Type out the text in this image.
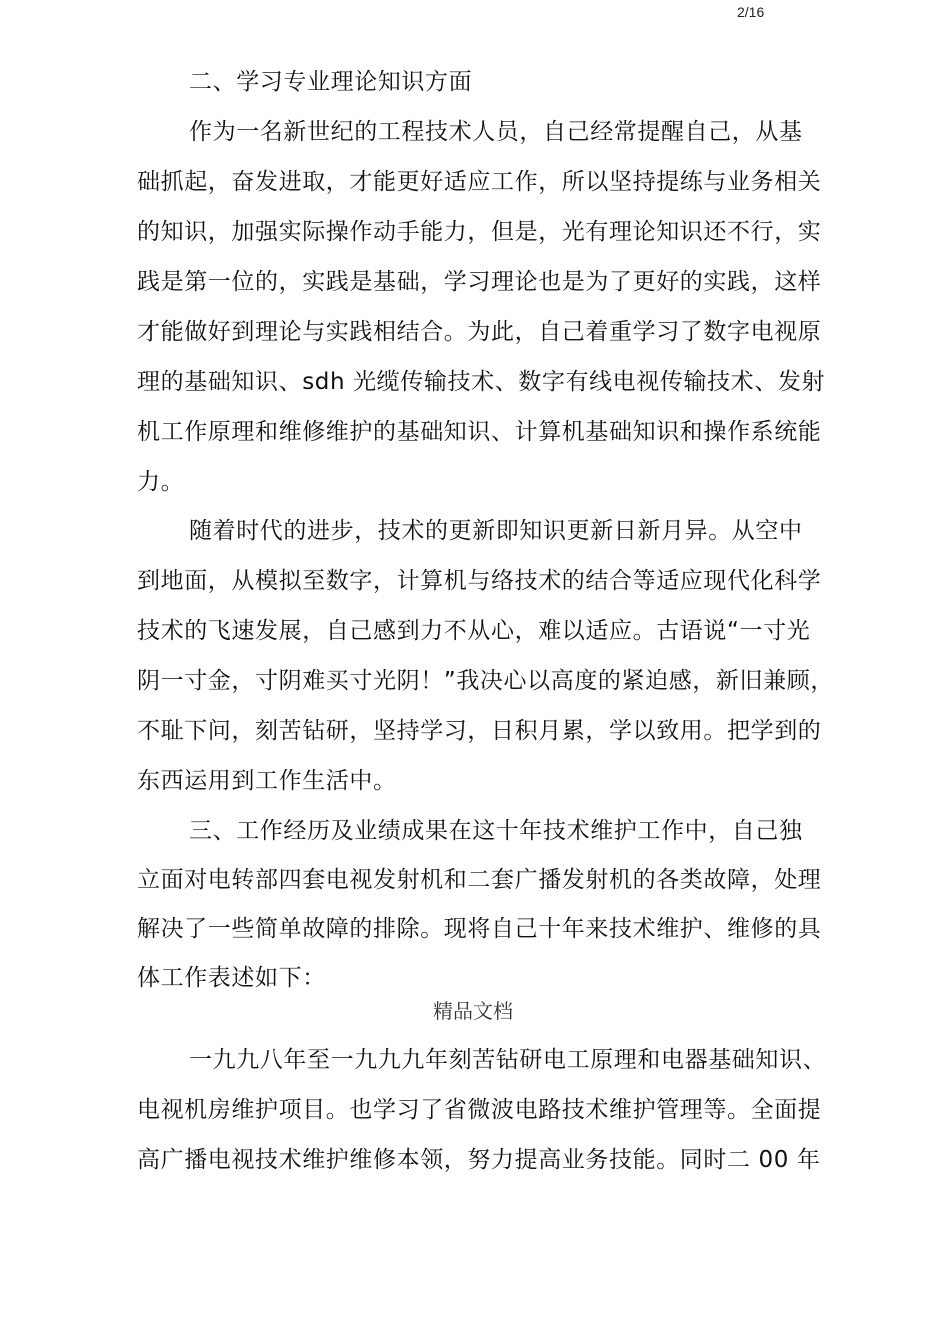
2/16
二、学习专业理论知识方面
作为一名新世纪的工程技术人员，自己经常提醒自己，从基
础抓起，奋发进取，才能更好适应工作，所以坚持提练与业务相关
的知识，加强实际操作动手能力，但是，光有理论知识还不行，实
践是第一位的，实践是基础，学习理论也是为了更好的实践，这样
才能做好到理论与实践相结合。为此，自己着重学习了数字电视原
理的基础知识、sdh 光缆传输技术、数字有线电视传输技术、发射
机工作原理和维修维护的基础知识、计算机基础知识和操作系统能
力。
随着时代的进步，技术的更新即知识更新日新月异。从空中
到地面，从模拟至数字，计算机与络技术的结合等适应现代化科学
技术的飞速发展，自己感到力不从心，难以适应。古语说“一寸光
阴一寸金，寸阴难买寸光阴！”我决心以高度的紧迫感，新旧兼顾，
不耻下问，刻苦钻研，坚持学习，日积月累，学以致用。把学到的
东西运用到工作生活中。
三、工作经历及业绩成果在这十年技术维护工作中，自己独
立面对电转部四套电视发射机和二套广播发射机的各类故障，处理
解决了一些简单故障的排除。现将自己十年来技术维护、维修的具
体工作表述如下：
精品文档
一九九八年至一九九九年刻苦钻研电工原理和电器基础知识、
电视机房维护项目。也学习了省微波电路技术维护管理等。全面提
高广播电视技术维护维修本领，努力提高业务技能。同时二 00 年
